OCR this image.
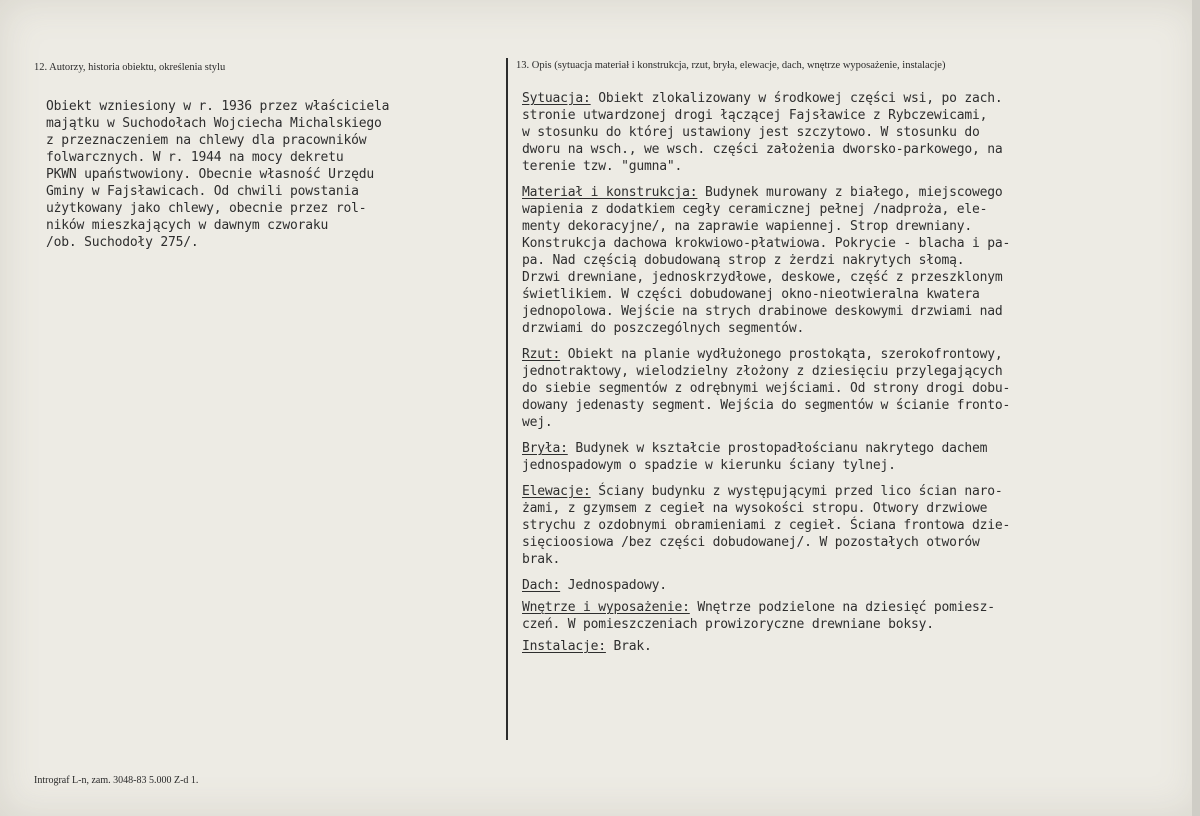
12. Autorzy, historia obiektu, określenia stylu	13. Opis (sytuacja materiał i konstrukcja, rzut, bryła, elewacje, dach, wnętrze wyposażenie, instalacje)
Obiekt wzniesiony w r. 1936 przez właściciela
majątku w Suchodołach Wojciecha Michalskiego
z przeznaczeniem na chlewy dla pracowników
folwarcznych. W r. 1944 na mocy dekretu
PKWN upaństwowiony. Obecnie własność Urzędu
Gminy w Fajsławicach. Od chwili powstania
użytkowany jako chlewy, obecnie przez rol-
ników mieszkających w dawnym czworaku
/ob. Suchodoły 275/.
Sytuacja: Obiekt zlokalizowany w środkowej części wsi, po zach.
stronie utwardzonej drogi łączącej Fajsławice z Rybczewicami,
w stosunku do której ustawiony jest szczytowo. W stosunku do
dworu na wsch., we wsch. części założenia dworsko-parkowego, na
terenie tzw. "gumna".
Materiał i konstrukcja: Budynek murowany z białego, miejscowego
wapienia z dodatkiem cegły ceramicznej pełnej /nadproża, ele-
menty dekoracyjne/, na zaprawie wapiennej. Strop drewniany.
Konstrukcja dachowa krokwiowo-płatwiowa. Pokrycie - blacha i pa-
pa. Nad częścią dobudowaną strop z żerdzi nakrytych słomą.
Drzwi drewniane, jednoskrzydłowe, deskowe, część z przeszklonym
świetlikiem. W części dobudowanej okno-nieotwieralna kwatera
jednopolowa. Wejście na strych drabinowe deskowymi drzwiami nad
drzwiami do poszczególnych segmentów.
Rzut: Obiekt na planie wydłużonego prostokąta, szerokofrontowy,
jednotraktowy, wielodzielny złożony z dziesięciu przylegających
do siebie segmentów z odrębnymi wejściami. Od strony drogi dobu-
dowany jedenasty segment. Wejścia do segmentów w ścianie fronto-
wej.
Bryła: Budynek w kształcie prostopadłościanu nakrytego dachem
jednospadowym o spadzie w kierunku ściany tylnej.
Elewacje: Ściany budynku z występującymi przed lico ścian naro-
żami, z gzymsem z cegieł na wysokości stropu. Otwory drzwiowe
strychu z ozdobnymi obramieniami z cegieł. Ściana frontowa dzie-
sięcioosiowa /bez części dobudowanej/. W pozostałych otworów
brak.
Dach: Jednospadowy.
Wnętrze i wyposażenie: Wnętrze podzielone na dziesięć pomiesz-
czeń. W pomieszczeniach prowizoryczne drewniane boksy.
Instalacje: Brak.
Intrograf L-n, zam. 3048-83 5.000 Z-d 1.
